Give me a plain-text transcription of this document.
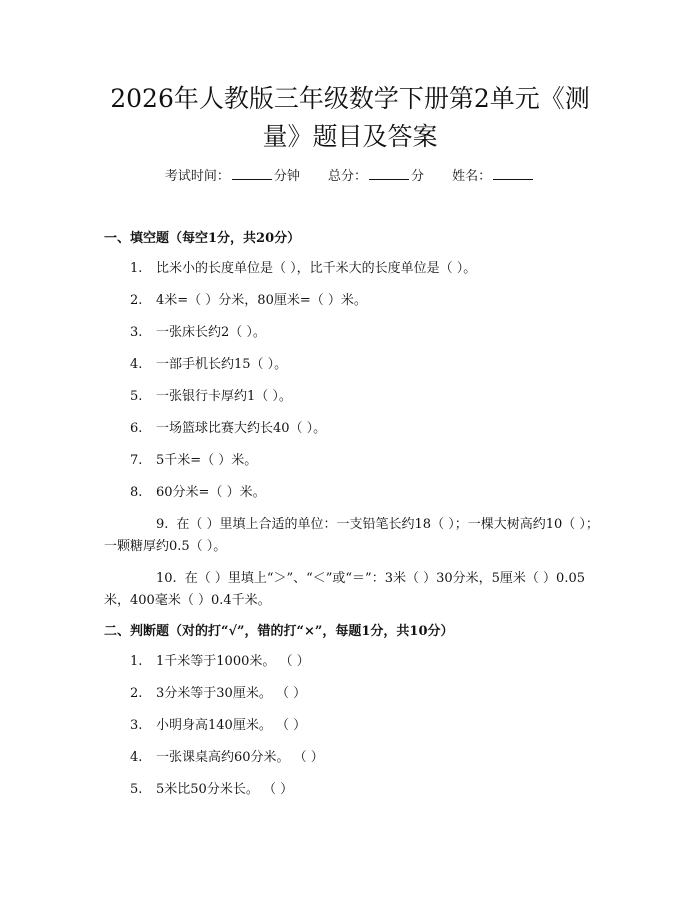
2026年人教版三年级数学下册第2单元《测
量》题目及答案
考试时间：	分钟 总分：	分 姓名：

一、填空题（每空1分，共20分）

1. 比米小的长度单位是（ ），比千米大的长度单位是（ ）。

2. 4米=（ ）分米，80厘米=（ ）米。

3. 一张床长约2（ ）。

4. 一部手机长约15（ ）。

5. 一张银行卡厚约1（ ）。

6. 一场篮球比赛大约长40（ ）。

7. 5千米=（ ）米。

8. 60分米=（ ）米。

9. 在（ ）里填上合适的单位：一支铅笔长约18（ ）；一棵大树高约10（ ）；一颗糖厚约0.5（ ）。

10. 在（ ）里填上“＞”、“＜”或“＝”：3米（ ）30分米，5厘米（ ）0.05米，400毫米（ ）0.4千米。

二、判断题（对的打“√”，错的打“×”，每题1分，共10分）

1. 1千米等于1000米。 （ ）

2. 3分米等于30厘米。 （ ）

3. 小明身高140厘米。 （ ）

4. 一张课桌高约60分米。 （ ）

5. 5米比50分米长。 （ ）
